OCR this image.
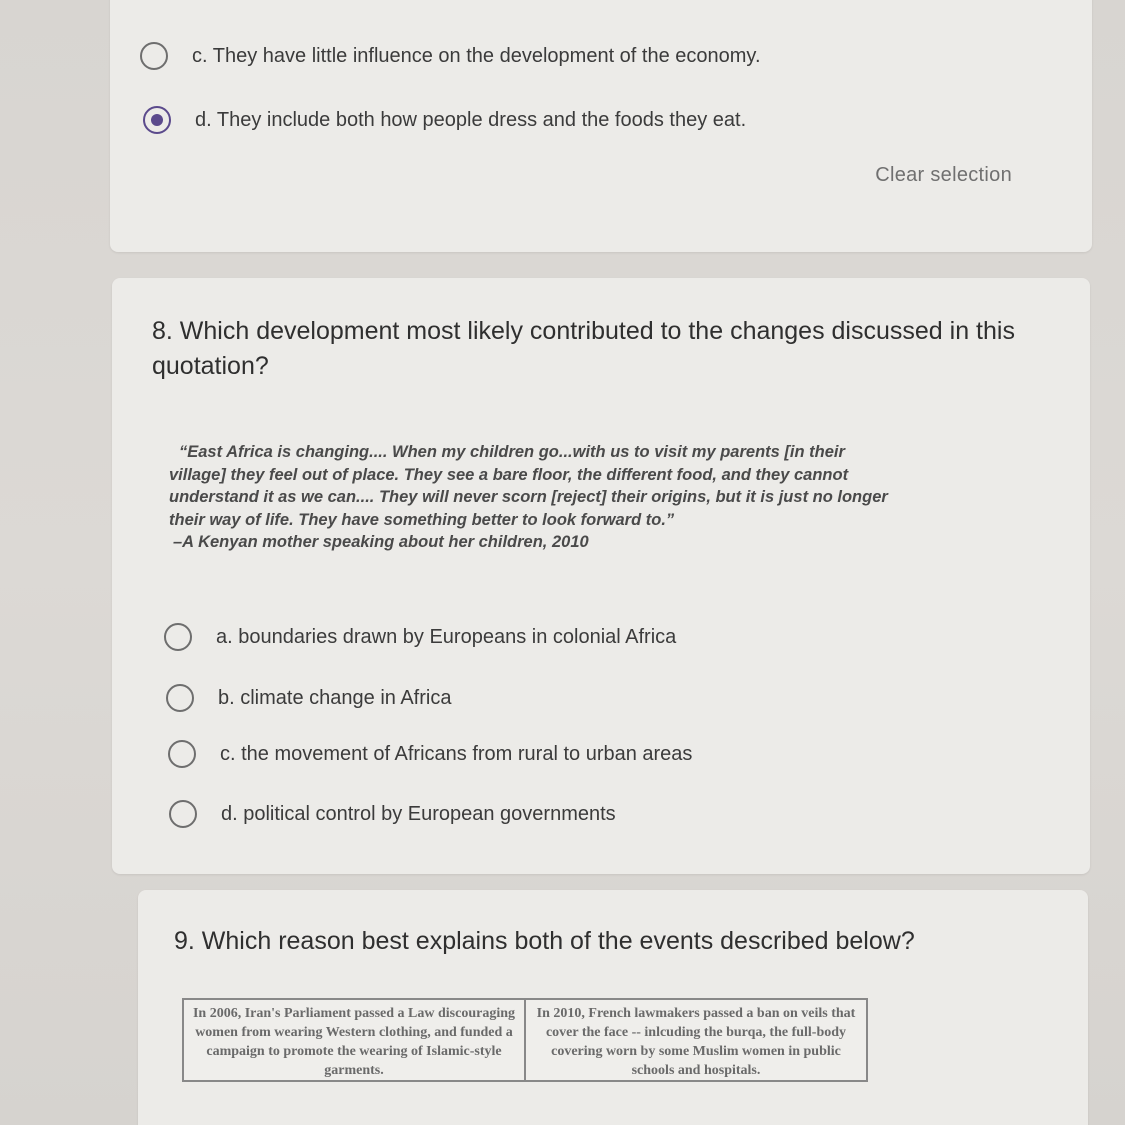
c. They have little influence on the development of the economy.
d. They include both how people dress and the foods they eat.
Clear selection
8. Which development most likely contributed to the changes discussed in this quotation?

“East Africa is changing.... When my children go...with us to visit my parents [in their village] they feel out of place. They see a bare floor, the different food, and they cannot understand it as we can.... They will never scorn [reject] their origins, but it is just no longer their way of life. They have something better to look forward to.”

–A Kenyan mother speaking about her children, 2010

a. boundaries drawn by Europeans in colonial Africa
b. climate change in Africa
c. the movement of Africans from rural to urban areas
d. political control by European governments
9. Which reason best explains both of the events described below?
In 2006, Iran's Parliament passed a Law discouraging women from wearing Western clothing, and funded a campaign to promote the wearing of Islamic-style garments.	In 2010, French lawmakers passed a ban on veils that cover the face -- inlcuding the burqa, the full-body covering worn by some Muslim women in public schools and hospitals.
